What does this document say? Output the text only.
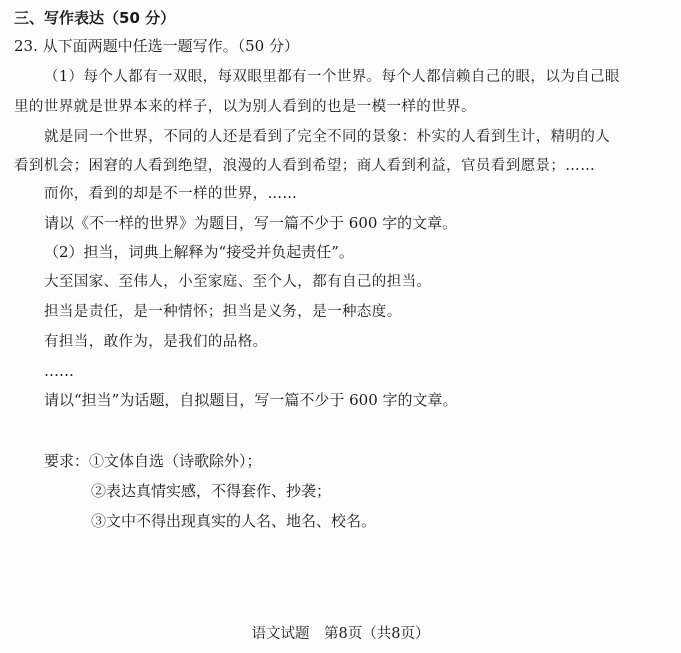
三、写作表达（50 分）
23. 从下面两题中任选一题写作。（50 分）
（1）每个人都有一双眼，每双眼里都有一个世界。每个人都信赖自己的眼，以为自己眼
里的世界就是世界本来的样子，以为别人看到的也是一模一样的世界。
就是同一个世界，不同的人还是看到了完全不同的景象：朴实的人看到生计，精明的人
看到机会；困窘的人看到绝望，浪漫的人看到希望；商人看到利益，官员看到愿景；……
而你，看到的却是不一样的世界，……
请以《不一样的世界》为题目，写一篇不少于 600 字的文章。
（2）担当，词典上解释为“接受并负起责任”。
大至国家、至伟人，小至家庭、至个人，都有自己的担当。
担当是责任，是一种情怀；担当是义务，是一种态度。
有担当，敢作为，是我们的品格。
……
请以“担当”为话题，自拟题目，写一篇不少于 600 字的文章。
要求：①文体自选（诗歌除外）；
②表达真情实感，不得套作、抄袭；
③文中不得出现真实的人名、地名、校名。
语文试题　第8页（共8页）
